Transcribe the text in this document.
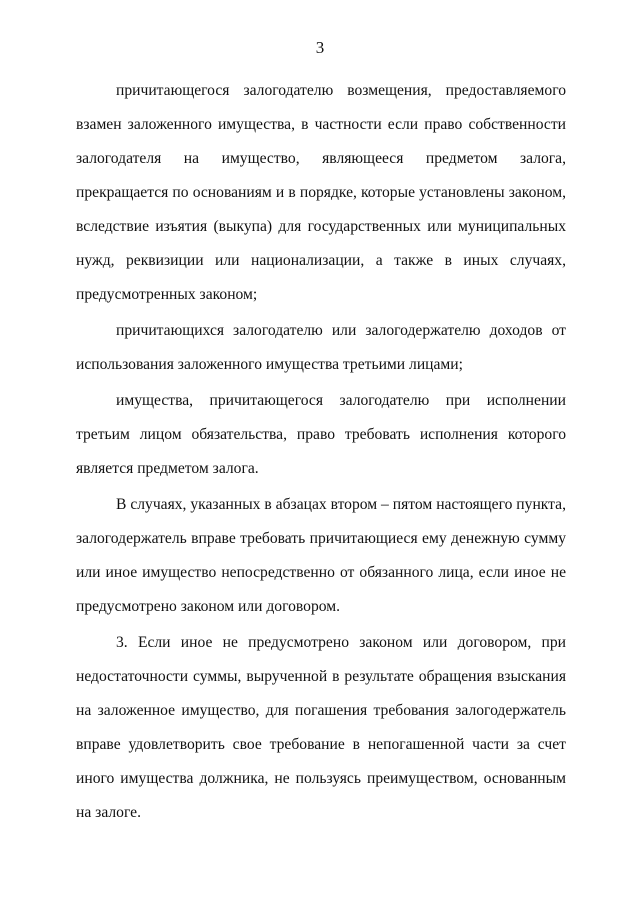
3

причитающегося залогодателю возмещения, предоставляемого взамен заложенного имущества, в частности если право собственности залогодателя на имущество, являющееся предметом залога, прекращается по основаниям и в порядке, которые установлены законом, вследствие изъятия (выкупа) для государственных или муниципальных нужд, реквизиции или национализации, а также в иных случаях, предусмотренных законом;

причитающихся залогодателю или залогодержателю доходов от использования заложенного имущества третьими лицами;

имущества, причитающегося залогодателю при исполнении третьим лицом обязательства, право требовать исполнения которого является предметом залога.

В случаях, указанных в абзацах втором – пятом настоящего пункта, залогодержатель вправе требовать причитающиеся ему денежную сумму или иное имущество непосредственно от обязанного лица, если иное не предусмотрено законом или договором.

3. Если иное не предусмотрено законом или договором, при недостаточности суммы, вырученной в результате обращения взыскания на заложенное имущество, для погашения требования залогодержатель вправе удовлетворить свое требование в непогашенной части за счет иного имущества должника, не пользуясь преимуществом, основанным на залоге.
